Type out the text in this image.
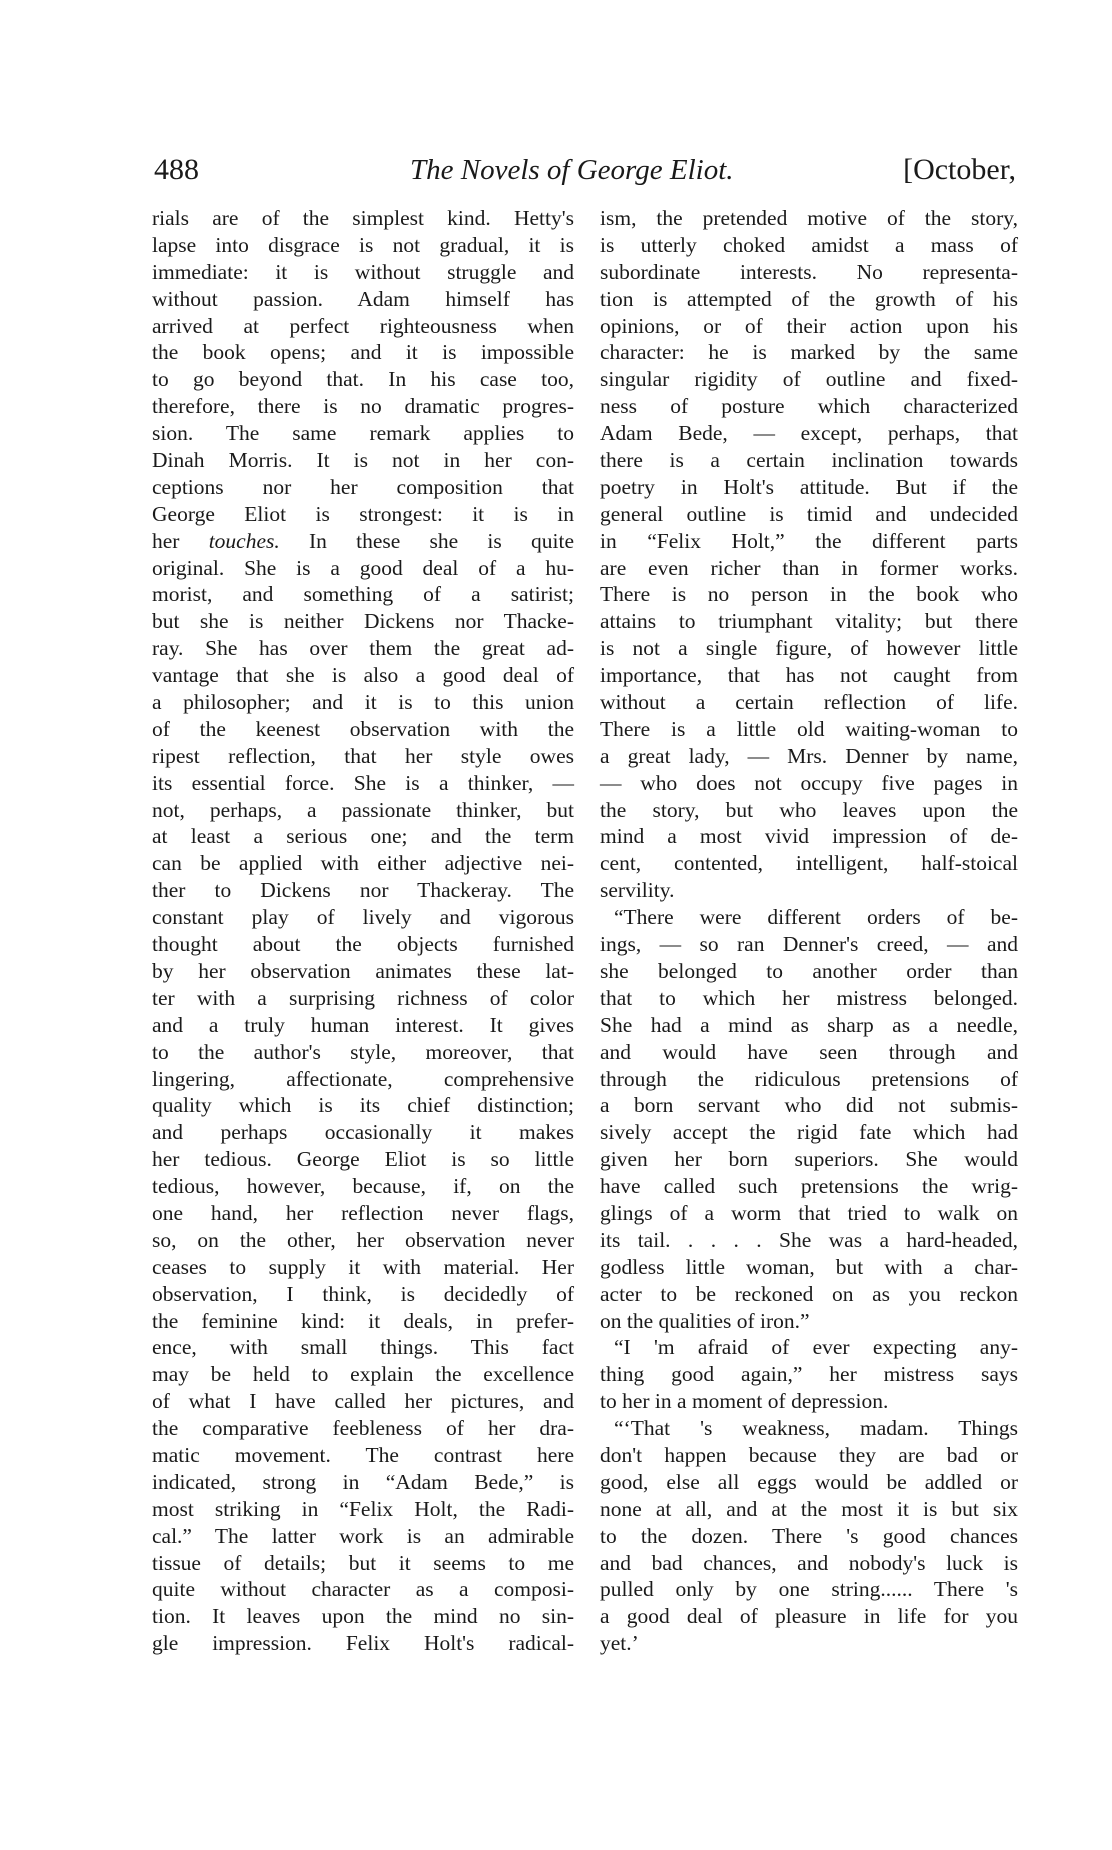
488	The Novels of George Eliot.	[October,
rials are of the simplest kind. Hetty's
lapse into disgrace is not gradual, it is
immediate: it is without struggle and
without passion. Adam himself has
arrived at perfect righteousness when
the book opens; and it is impossible
to go beyond that. In his case too,
therefore, there is no dramatic progres-
sion. The same remark applies to
Dinah Morris. It is not in her con-
ceptions nor her composition that
George Eliot is strongest: it is in
her touches. In these she is quite
original. She is a good deal of a hu-
morist, and something of a satirist;
but she is neither Dickens nor Thacke-
ray. She has over them the great ad-
vantage that she is also a good deal of
a philosopher; and it is to this union
of the keenest observation with the
ripest reflection, that her style owes
its essential force. She is a thinker, —
not, perhaps, a passionate thinker, but
at least a serious one; and the term
can be applied with either adjective nei-
ther to Dickens nor Thackeray. The
constant play of lively and vigorous
thought about the objects furnished
by her observation animates these lat-
ter with a surprising richness of color
and a truly human interest. It gives
to the author's style, moreover, that
lingering, affectionate, comprehensive
quality which is its chief distinction;
and perhaps occasionally it makes
her tedious. George Eliot is so little
tedious, however, because, if, on the
one hand, her reflection never flags,
so, on the other, her observation never
ceases to supply it with material. Her
observation, I think, is decidedly of
the feminine kind: it deals, in prefer-
ence, with small things. This fact
may be held to explain the excellence
of what I have called her pictures, and
the comparative feebleness of her dra-
matic movement. The contrast here
indicated, strong in “Adam Bede,” is
most striking in “Felix Holt, the Radi-
cal.” The latter work is an admirable
tissue of details; but it seems to me
quite without character as a composi-
tion. It leaves upon the mind no sin-
gle impression. Felix Holt's radical-
ism, the pretended motive of the story,
is utterly choked amidst a mass of
subordinate interests. No representa-
tion is attempted of the growth of his
opinions, or of their action upon his
character: he is marked by the same
singular rigidity of outline and fixed-
ness of posture which characterized
Adam Bede, — except, perhaps, that
there is a certain inclination towards
poetry in Holt's attitude. But if the
general outline is timid and undecided
in “Felix Holt,” the different parts
are even richer than in former works.
There is no person in the book who
attains to triumphant vitality; but there
is not a single figure, of however little
importance, that has not caught from
without a certain reflection of life.
There is a little old waiting-woman to
a great lady, — Mrs. Denner by name,
— who does not occupy five pages in
the story, but who leaves upon the
mind a most vivid impression of de-
cent, contented, intelligent, half-stoical
servility.
“There were different orders of be-
ings, — so ran Denner's creed, — and
she belonged to another order than
that to which her mistress belonged.
She had a mind as sharp as a needle,
and would have seen through and
through the ridiculous pretensions of
a born servant who did not submis-
sively accept the rigid fate which had
given her born superiors. She would
have called such pretensions the wrig-
glings of a worm that tried to walk on
its tail. . . . . She was a hard-headed,
godless little woman, but with a char-
acter to be reckoned on as you reckon
on the qualities of iron.”
“I 'm afraid of ever expecting any-
thing good again,” her mistress says
to her in a moment of depression.
“‘That 's weakness, madam. Things
don't happen because they are bad or
good, else all eggs would be addled or
none at all, and at the most it is but six
to the dozen. There 's good chances
and bad chances, and nobody's luck is
pulled only by one string...... There 's
a good deal of pleasure in life for you
yet.’
